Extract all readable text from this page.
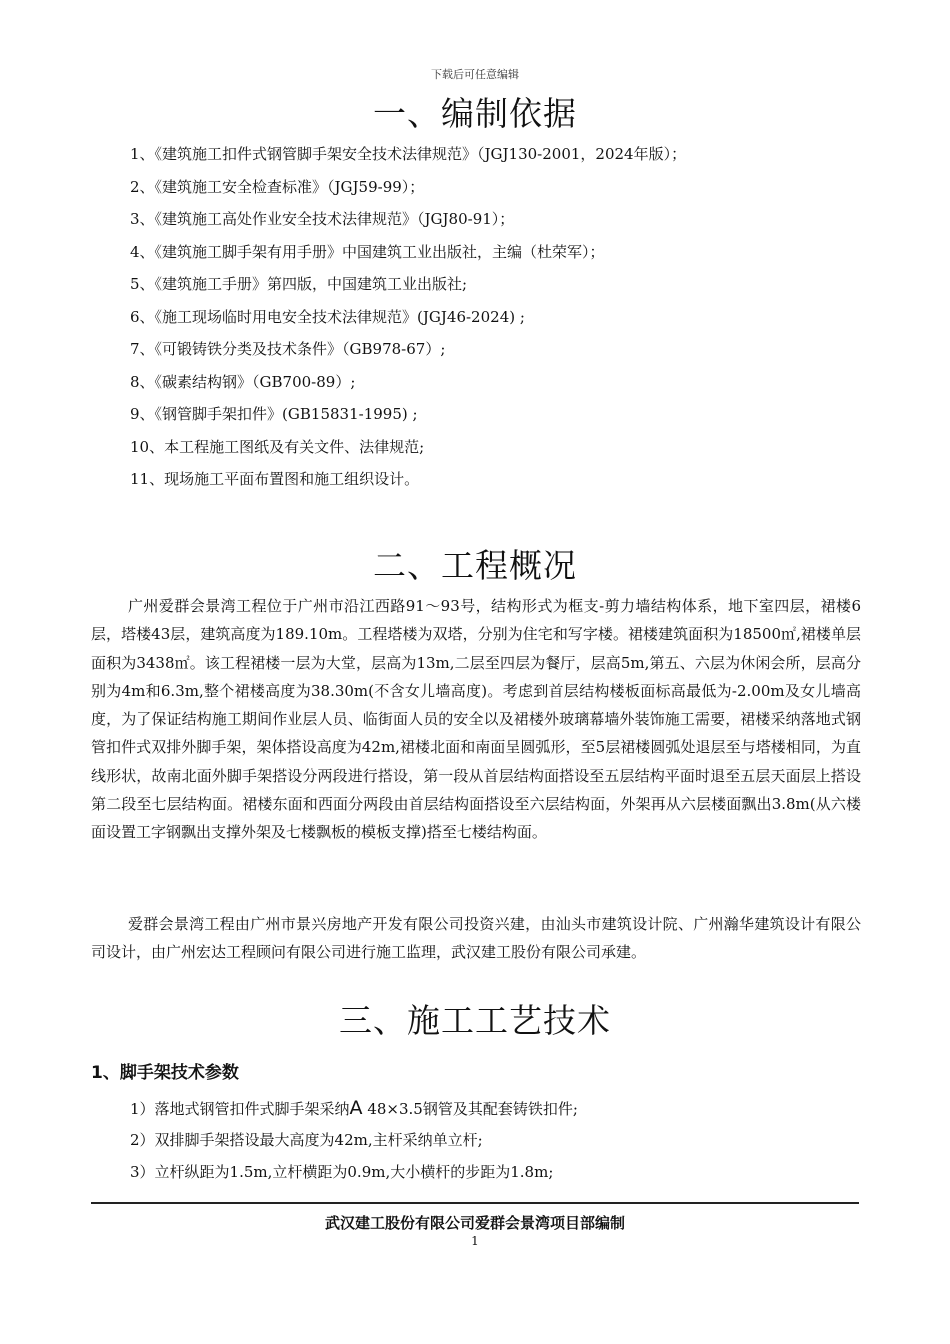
下载后可任意编辑
一、编制依据
1、《建筑施工扣件式钢管脚手架安全技术法律规范》（JGJ130-2001，2024年版）；
2、《建筑施工安全检查标准》（JGJ59-99）；
3、《建筑施工高处作业安全技术法律规范》（JGJ80-91）；
4、《建筑施工脚手架有用手册》中国建筑工业出版社，主编（杜荣军）；
5、《建筑施工手册》第四版，中国建筑工业出版社;
6、《施工现场临时用电安全技术法律规范》(JGJ46-2024) ;
7、《可锻铸铁分类及技术条件》（GB978-67）;
8、《碳素结构钢》（GB700-89）;
9、《钢管脚手架扣件》(GB15831-1995) ;
10、本工程施工图纸及有关文件、法律规范;
11、现场施工平面布置图和施工组织设计。
二、工程概况

广州爱群会景湾工程位于广州市沿江西路91～93号，结构形式为框支-剪力墙结构体系，地下室四层，裙楼6层，塔楼43层，建筑高度为189.10m。工程塔楼为双塔，分别为住宅和写字楼。裙楼建筑面积为18500㎡,裙楼单层面积为3438㎡。该工程裙楼一层为大堂，层高为13m,二层至四层为餐厅，层高5m,第五、六层为休闲会所，层高分别为4m和6.3m,整个裙楼高度为38.30m(不含女儿墙高度)。考虑到首层结构楼板面标高最低为-2.00m及女儿墙高度，为了保证结构施工期间作业层人员、临街面人员的安全以及裙楼外玻璃幕墙外装饰施工需要，裙楼采纳落地式钢管扣件式双排外脚手架，架体搭设高度为42m,裙楼北面和南面呈圆弧形，至5层裙楼圆弧处退层至与塔楼相同，为直线形状，故南北面外脚手架搭设分两段进行搭设，第一段从首层结构面搭设至五层结构平面时退至五层天面层上搭设第二段至七层结构面。裙楼东面和西面分两段由首层结构面搭设至六层结构面，外架再从六层楼面飘出3.8m(从六楼面设置工字钢飘出支撑外架及七楼飘板的模板支撑)搭至七楼结构面。

爱群会景湾工程由广州市景兴房地产开发有限公司投资兴建，由汕头市建筑设计院、广州瀚华建筑设计有限公司设计，由广州宏达工程顾问有限公司进行施工监理，武汉建工股份有限公司承建。

三、施工工艺技术
1、脚手架技术参数
1）落地式钢管扣件式脚手架采纳A 48×3.5钢管及其配套铸铁扣件;
2）双排脚手架搭设最大高度为42m,主杆采纳单立杆;
3）立杆纵距为1.5m,立杆横距为0.9m,大小横杆的步距为1.8m;
武汉建工股份有限公司爱群会景湾项目部编制
1
